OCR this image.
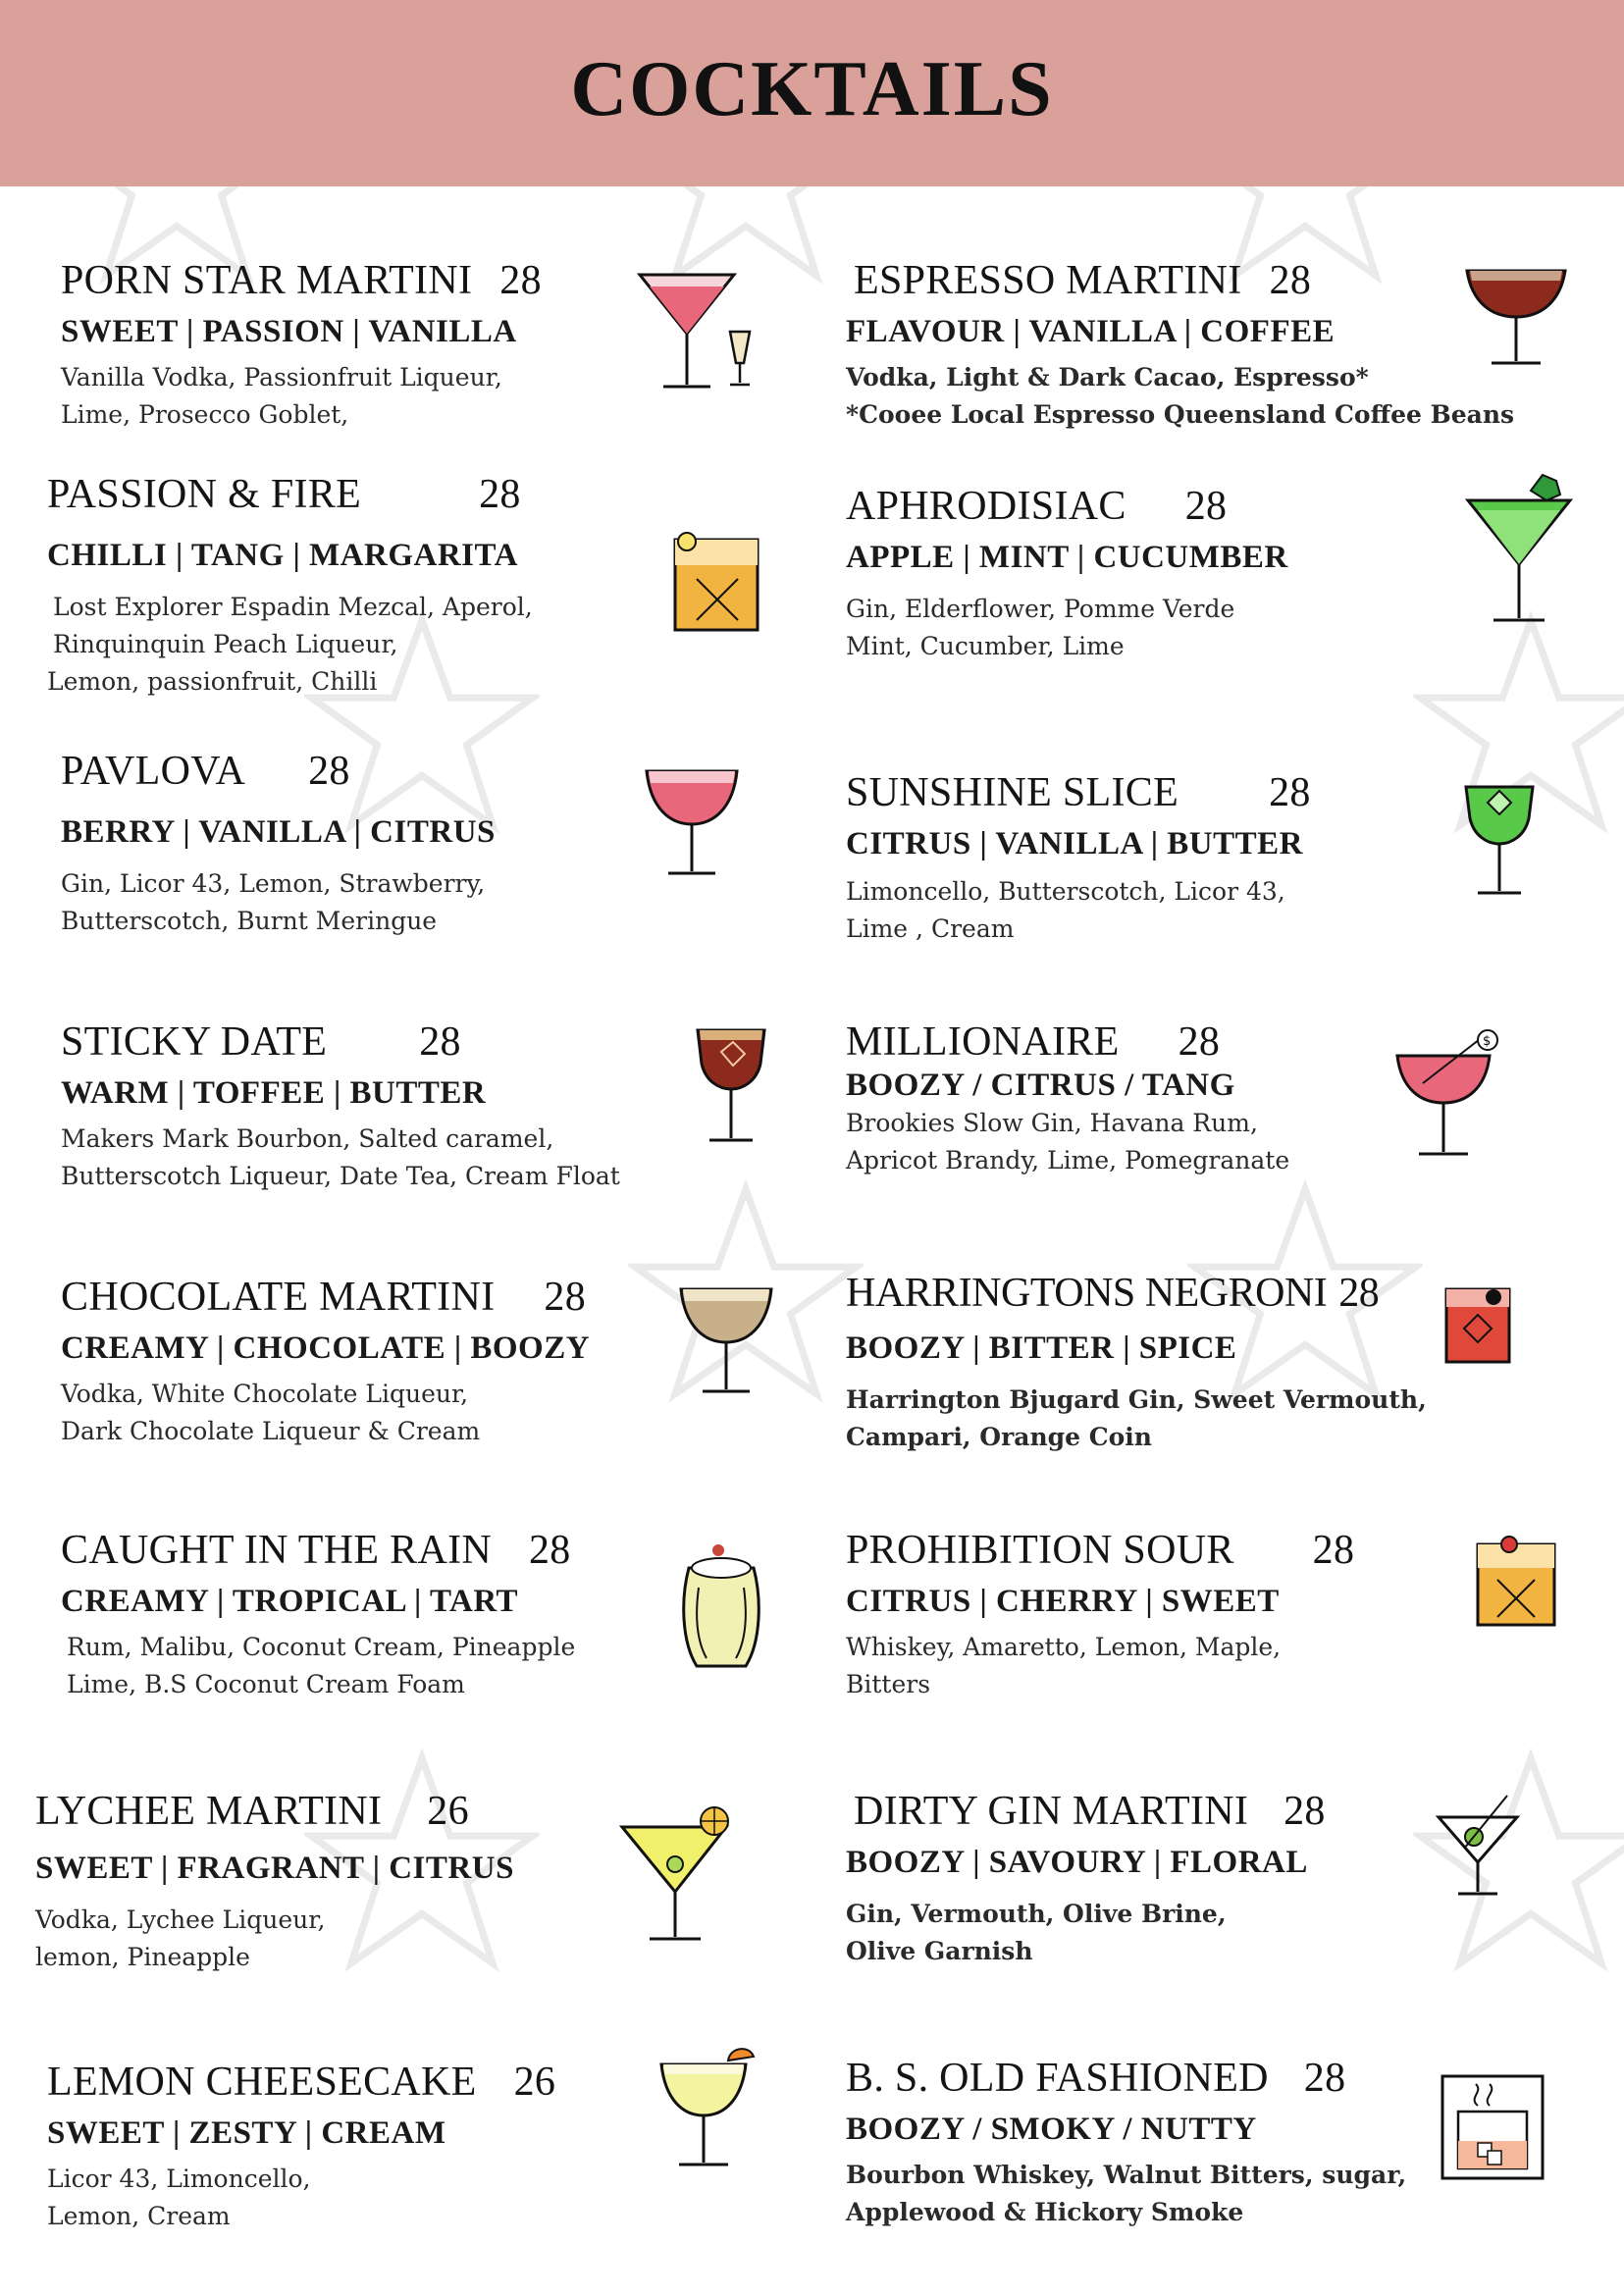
COCKTAILS
PORN STAR MARTINI 28
SWEET | PASSION | VANILLA
Vanilla Vodka, Passionfruit Liqueur,
Lime, Prosecco Goblet,
ESPRESSO MARTINI 28
FLAVOUR | VANILLA | COFFEE
Vodka, Light & Dark Cacao, Espresso*
*Cooee Local Espresso Queensland Coffee Beans
PASSION & FIRE	28
CHILLI | TANG | MARGARITA
Lost Explorer Espadin Mezcal, Aperol,
Rinquinquin Peach Liqueur,
Lemon, passionfruit, Chilli
APHRODISIAC 28
APPLE | MINT | CUCUMBER
Gin, Elderflower, Pomme Verde
Mint, Cucumber, Lime
PAVLOVA 28
BERRY | VANILLA | CITRUS
Gin, Licor 43, Lemon, Strawberry,
Butterscotch, Burnt Meringue
SUNSHINE SLICE 28
CITRUS | VANILLA | BUTTER
Limoncello, Butterscotch, Licor 43,
Lime , Cream
STICKY DATE 28
WARM | TOFFEE | BUTTER
Makers Mark Bourbon, Salted caramel,
Butterscotch Liqueur, Date Tea, Cream Float
MILLIONAIRE 28
BOOZY / CITRUS / TANG
Brookies Slow Gin, Havana Rum,
Apricot Brandy, Lime, Pomegranate
$
CHOCOLATE MARTINI 28
CREAMY | CHOCOLATE | BOOZY
Vodka, White Chocolate Liqueur,
Dark Chocolate Liqueur & Cream
HARRINGTONS NEGRONI 28
BOOZY | BITTER | SPICE
Harrington Bjugard Gin, Sweet Vermouth,
Campari, Orange Coin
CAUGHT IN THE RAIN 28
CREAMY | TROPICAL | TART
Rum, Malibu, Coconut Cream, Pineapple
Lime, B.S Coconut Cream Foam
PROHIBITION SOUR 28
CITRUS | CHERRY | SWEET
Whiskey, Amaretto, Lemon, Maple,
Bitters
LYCHEE MARTINI 26
SWEET | FRAGRANT | CITRUS
Vodka, Lychee Liqueur,
lemon, Pineapple
DIRTY GIN MARTINI 28
BOOZY | SAVOURY | FLORAL
Gin, Vermouth, Olive Brine,
Olive Garnish
LEMON CHEESECAKE 26
SWEET | ZESTY | CREAM
Licor 43, Limoncello,
Lemon, Cream
B. S. OLD FASHIONED 28
BOOZY / SMOKY / NUTTY
Bourbon Whiskey, Walnut Bitters, sugar,
Applewood & Hickory Smoke
